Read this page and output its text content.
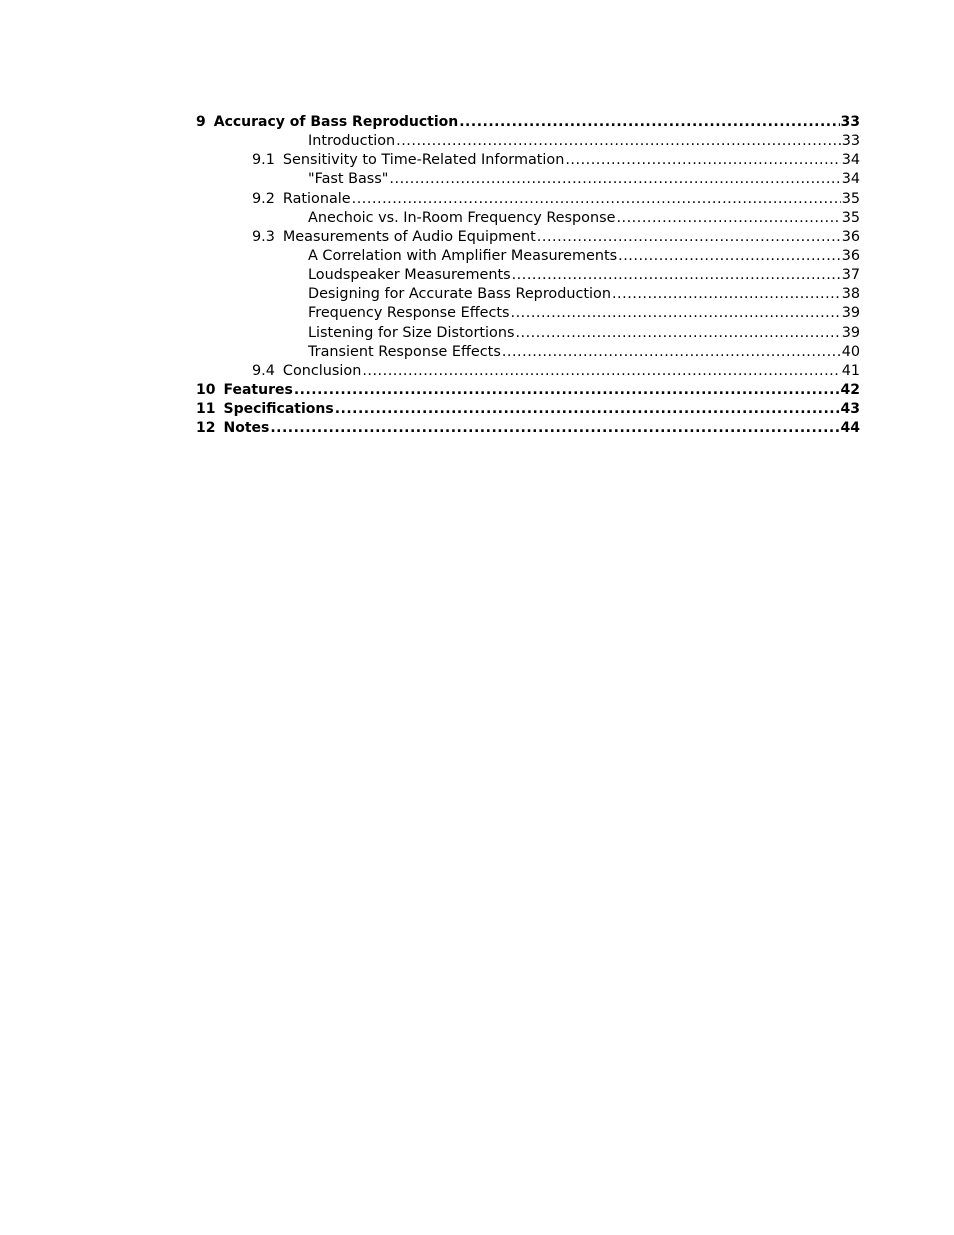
9 Accuracy of Bass Reproduction .....	33
Introduction .....	33
9.1 Sensitivity to Time-Related Information .....	34
"Fast Bass" .....	34
9.2 Rationale .....	35
Anechoic vs. In-Room Frequency Response .....	35
9.3 Measurements of Audio Equipment .....	36
A Correlation with Amplifier Measurements .....	36
Loudspeaker Measurements .....	37
Designing for Accurate Bass Reproduction .....	38
Frequency Response Effects .....	39
Listening for Size Distortions .....	39
Transient Response Effects .....	40
9.4 Conclusion .....	41
10 Features .....	42
11 Specifications .....	43
12 Notes .....	44
